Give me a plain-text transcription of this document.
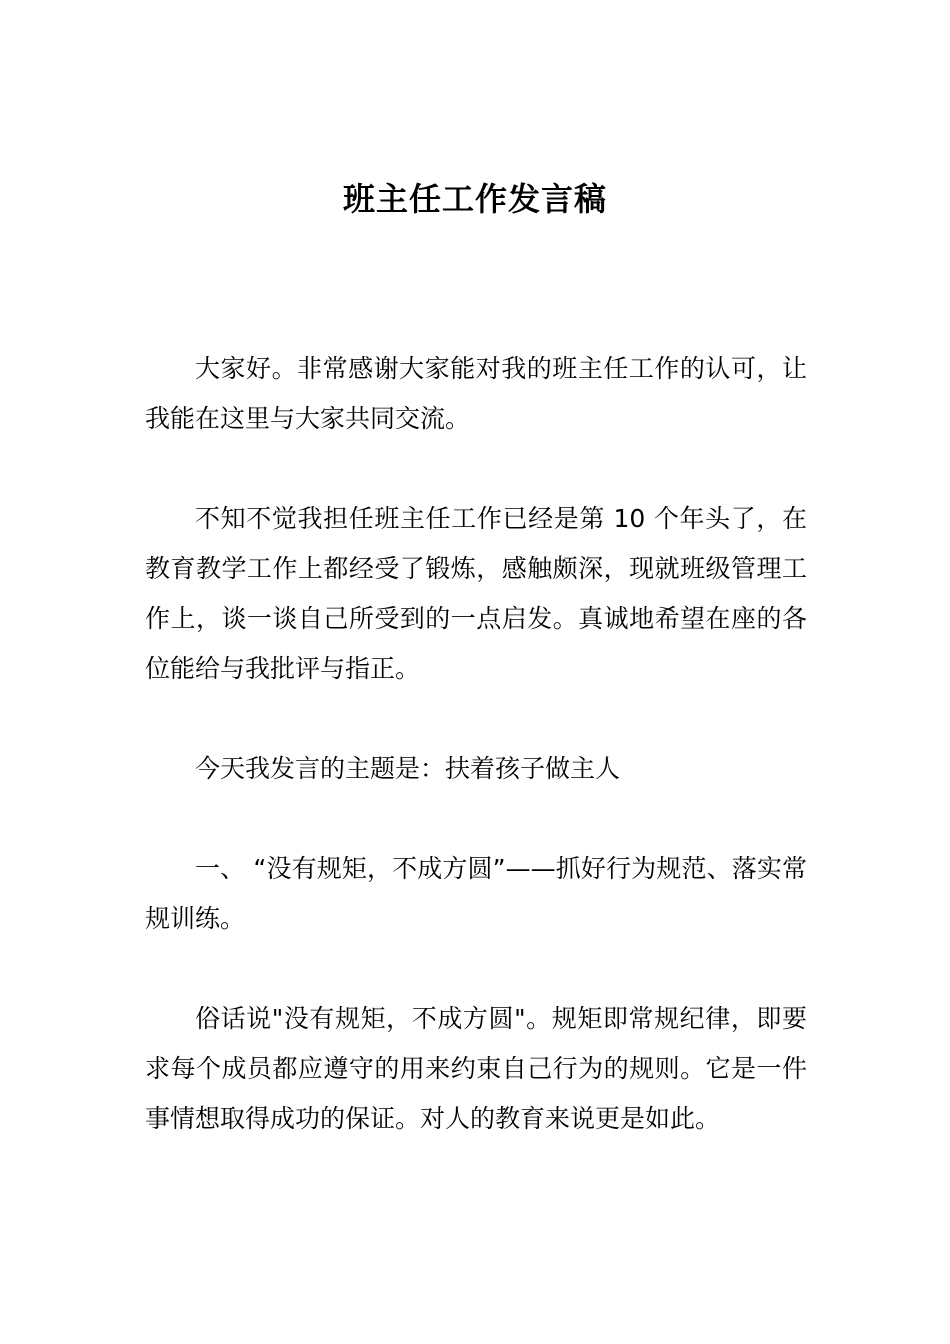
班主任工作发言稿

大家好。非常感谢大家能对我的班主任工作的认可，让我能在这里与大家共同交流。

不知不觉我担任班主任工作已经是第 10 个年头了，在教育教学工作上都经受了锻炼，感触颇深，现就班级管理工作上，谈一谈自己所受到的一点启发。真诚地希望在座的各位能给与我批评与指正。

今天我发言的主题是：扶着孩子做主人

一、 “没有规矩，不成方圆”——抓好行为规范、落实常规训练。

俗话说"没有规矩，不成方圆"。规矩即常规纪律，即要求每个成员都应遵守的用来约束自己行为的规则。它是一件事情想取得成功的保证。对人的教育来说更是如此。
